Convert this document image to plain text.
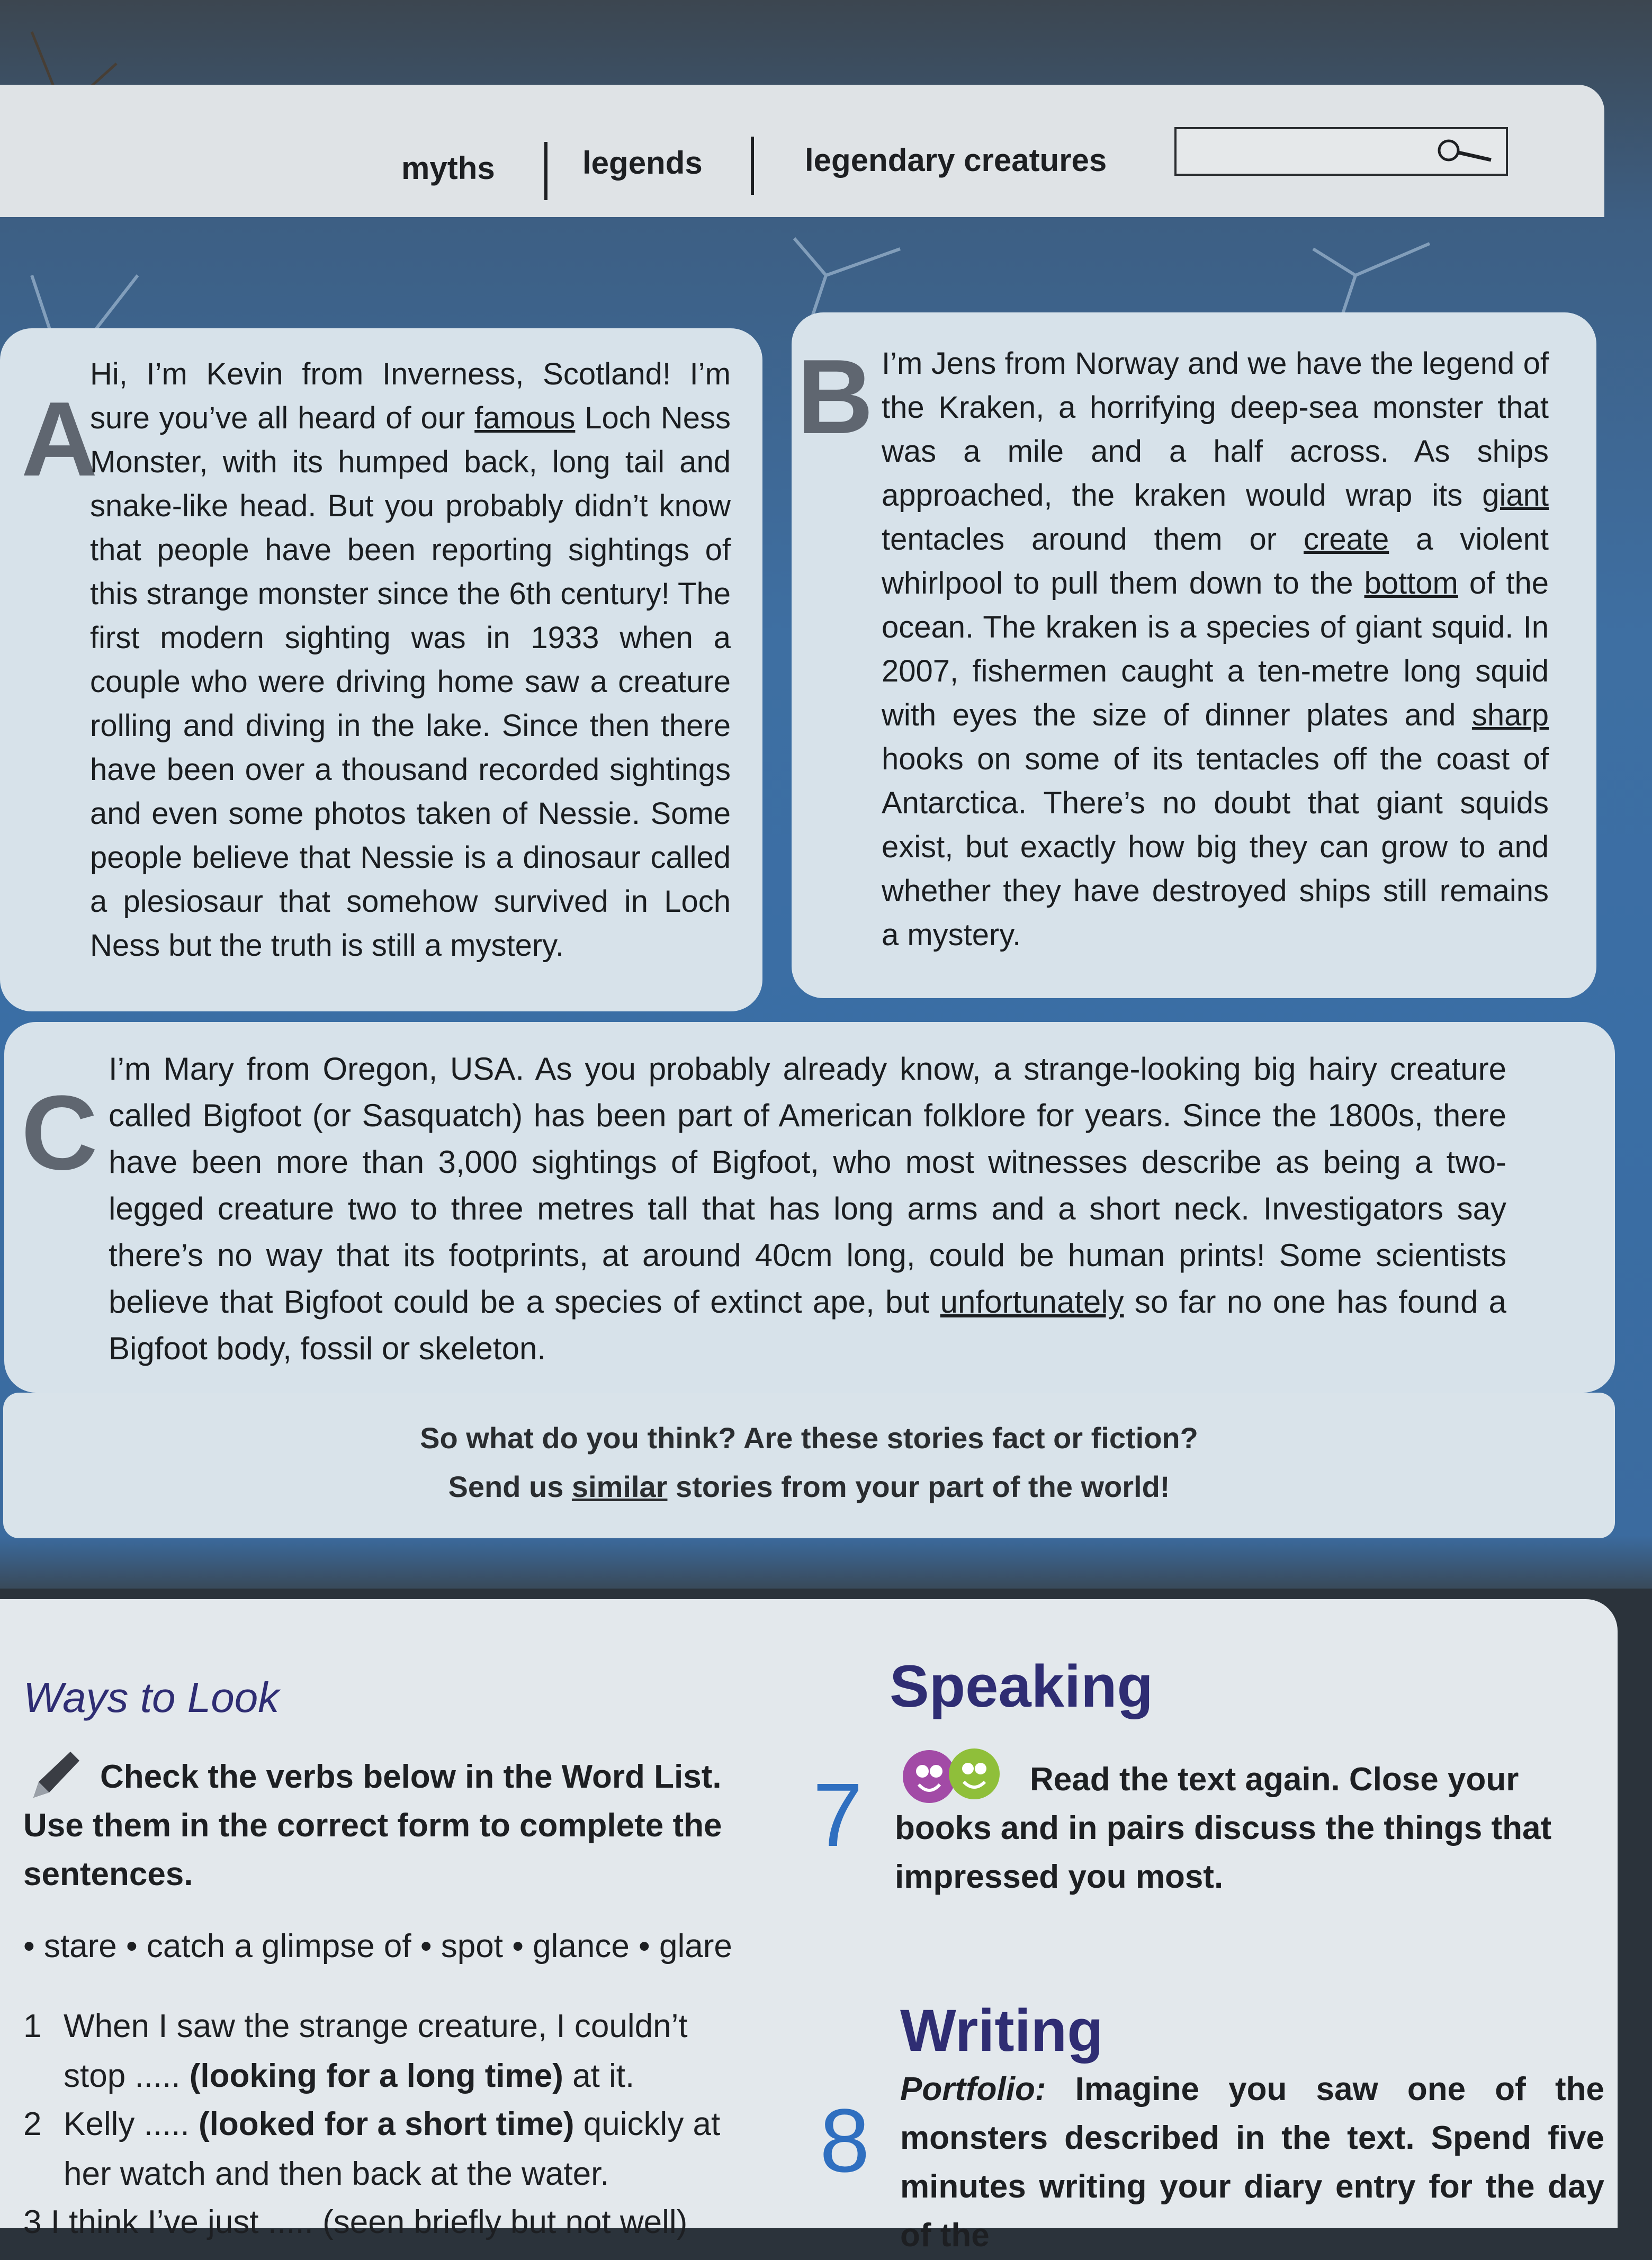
myths	legends	legendary creatures
A
Hi, I’m Kevin from Inverness, Scotland! I’m sure you’ve all heard of our famous Loch Ness Monster, with its humped back, long tail and snake-like head. But you probably didn’t know that people have been reporting sightings of this strange monster since the 6th century! The first modern sighting was in 1933 when a couple who were driving home saw a creature rolling and diving in the lake. Since then there have been over a thousand recorded sightings and even some photos taken of Nessie. Some people believe that Nessie is a dinosaur called a plesiosaur that somehow survived in Loch Ness but the truth is still a mystery.
B I’m Jens from Norway and we have the legend of the Kraken, a horrifying deep-sea monster that was a mile and a half across. As ships approached, the kraken would wrap its giant tentacles around them or create a violent whirlpool to pull them down to the bottom of the ocean. The kraken is a species of giant squid. In 2007, fishermen caught a ten-metre long squid with eyes the size of dinner plates and sharp hooks on some of its tentacles off the coast of Antarctica. There’s no doubt that giant squids exist, but exactly how big they can grow to and whether they have destroyed ships still remains a mystery.
C
I’m Mary from Oregon, USA. As you probably already know, a strange-looking big hairy creature called Bigfoot (or Sasquatch) has been part of American folklore for years. Since the 1800s, there have been more than 3,000 sightings of Bigfoot, who most witnesses describe as being a two-legged creature two to three metres tall that has long arms and a short neck. Investigators say there’s no way that its footprints, at around 40cm long, could be human prints! Some scientists believe that Bigfoot could be a species of extinct ape, but unfortunately so far no one has found a Bigfoot body, fossil or skeleton.
So what do you think? Are these stories fact or fiction?
Send us similar stories from your part of the world!
Ways to Look
Check the verbs below in the Word List. Use them in the correct form to complete the sentences.
• stare • catch a glimpse of • spot • glance • glare
1 When I saw the strange creature, I couldn’t stop ..... (looking for a long time) at it.
2 Kelly ..... (looked for a short time) quickly at her watch and then back at the water.
3 I think I’ve just ..... (seen briefly but not well)
Speaking
7	Read the text again. Close your books and in pairs discuss the things that impressed you most.
Writing
8
Portfolio: Imagine you saw one of the monsters described in the text. Spend five minutes writing your diary entry for the day of the
